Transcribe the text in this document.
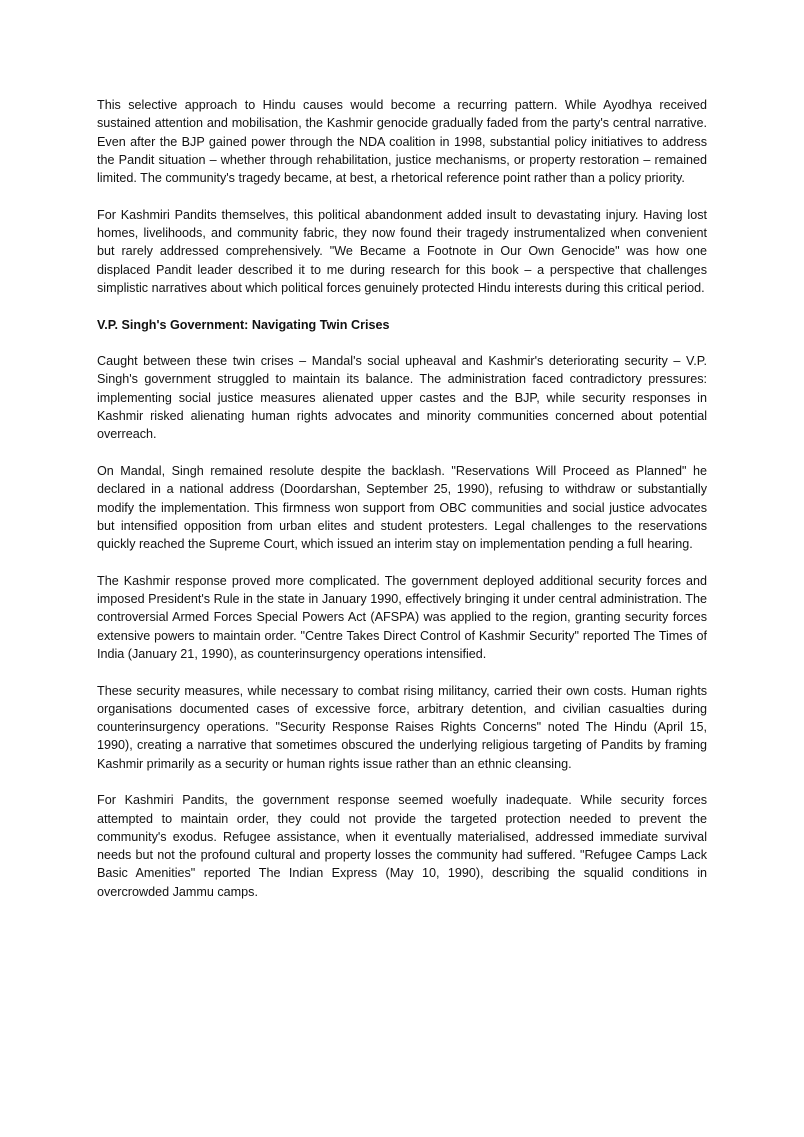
This selective approach to Hindu causes would become a recurring pattern. While Ayodhya received sustained attention and mobilisation, the Kashmir genocide gradually faded from the party's central narrative. Even after the BJP gained power through the NDA coalition in 1998, substantial policy initiatives to address the Pandit situation – whether through rehabilitation, justice mechanisms, or property restoration – remained limited. The community's tragedy became, at best, a rhetorical reference point rather than a policy priority.

For Kashmiri Pandits themselves, this political abandonment added insult to devastating injury. Having lost homes, livelihoods, and community fabric, they now found their tragedy instrumentalized when convenient but rarely addressed comprehensively. "We Became a Footnote in Our Own Genocide" was how one displaced Pandit leader described it to me during research for this book – a perspective that challenges simplistic narratives about which political forces genuinely protected Hindu interests during this critical period.

V.P. Singh's Government: Navigating Twin Crises

Caught between these twin crises – Mandal's social upheaval and Kashmir's deteriorating security – V.P. Singh's government struggled to maintain its balance. The administration faced contradictory pressures: implementing social justice measures alienated upper castes and the BJP, while security responses in Kashmir risked alienating human rights advocates and minority communities concerned about potential overreach.

On Mandal, Singh remained resolute despite the backlash. "Reservations Will Proceed as Planned" he declared in a national address (Doordarshan, September 25, 1990), refusing to withdraw or substantially modify the implementation. This firmness won support from OBC communities and social justice advocates but intensified opposition from urban elites and student protesters. Legal challenges to the reservations quickly reached the Supreme Court, which issued an interim stay on implementation pending a full hearing.

The Kashmir response proved more complicated. The government deployed additional security forces and imposed President's Rule in the state in January 1990, effectively bringing it under central administration. The controversial Armed Forces Special Powers Act (AFSPA) was applied to the region, granting security forces extensive powers to maintain order. "Centre Takes Direct Control of Kashmir Security" reported The Times of India (January 21, 1990), as counterinsurgency operations intensified.

These security measures, while necessary to combat rising militancy, carried their own costs. Human rights organisations documented cases of excessive force, arbitrary detention, and civilian casualties during counterinsurgency operations. "Security Response Raises Rights Concerns" noted The Hindu (April 15, 1990), creating a narrative that sometimes obscured the underlying religious targeting of Pandits by framing Kashmir primarily as a security or human rights issue rather than an ethnic cleansing.

For Kashmiri Pandits, the government response seemed woefully inadequate. While security forces attempted to maintain order, they could not provide the targeted protection needed to prevent the community's exodus. Refugee assistance, when it eventually materialised, addressed immediate survival needs but not the profound cultural and property losses the community had suffered. "Refugee Camps Lack Basic Amenities" reported The Indian Express (May 10, 1990), describing the squalid conditions in overcrowded Jammu camps.
